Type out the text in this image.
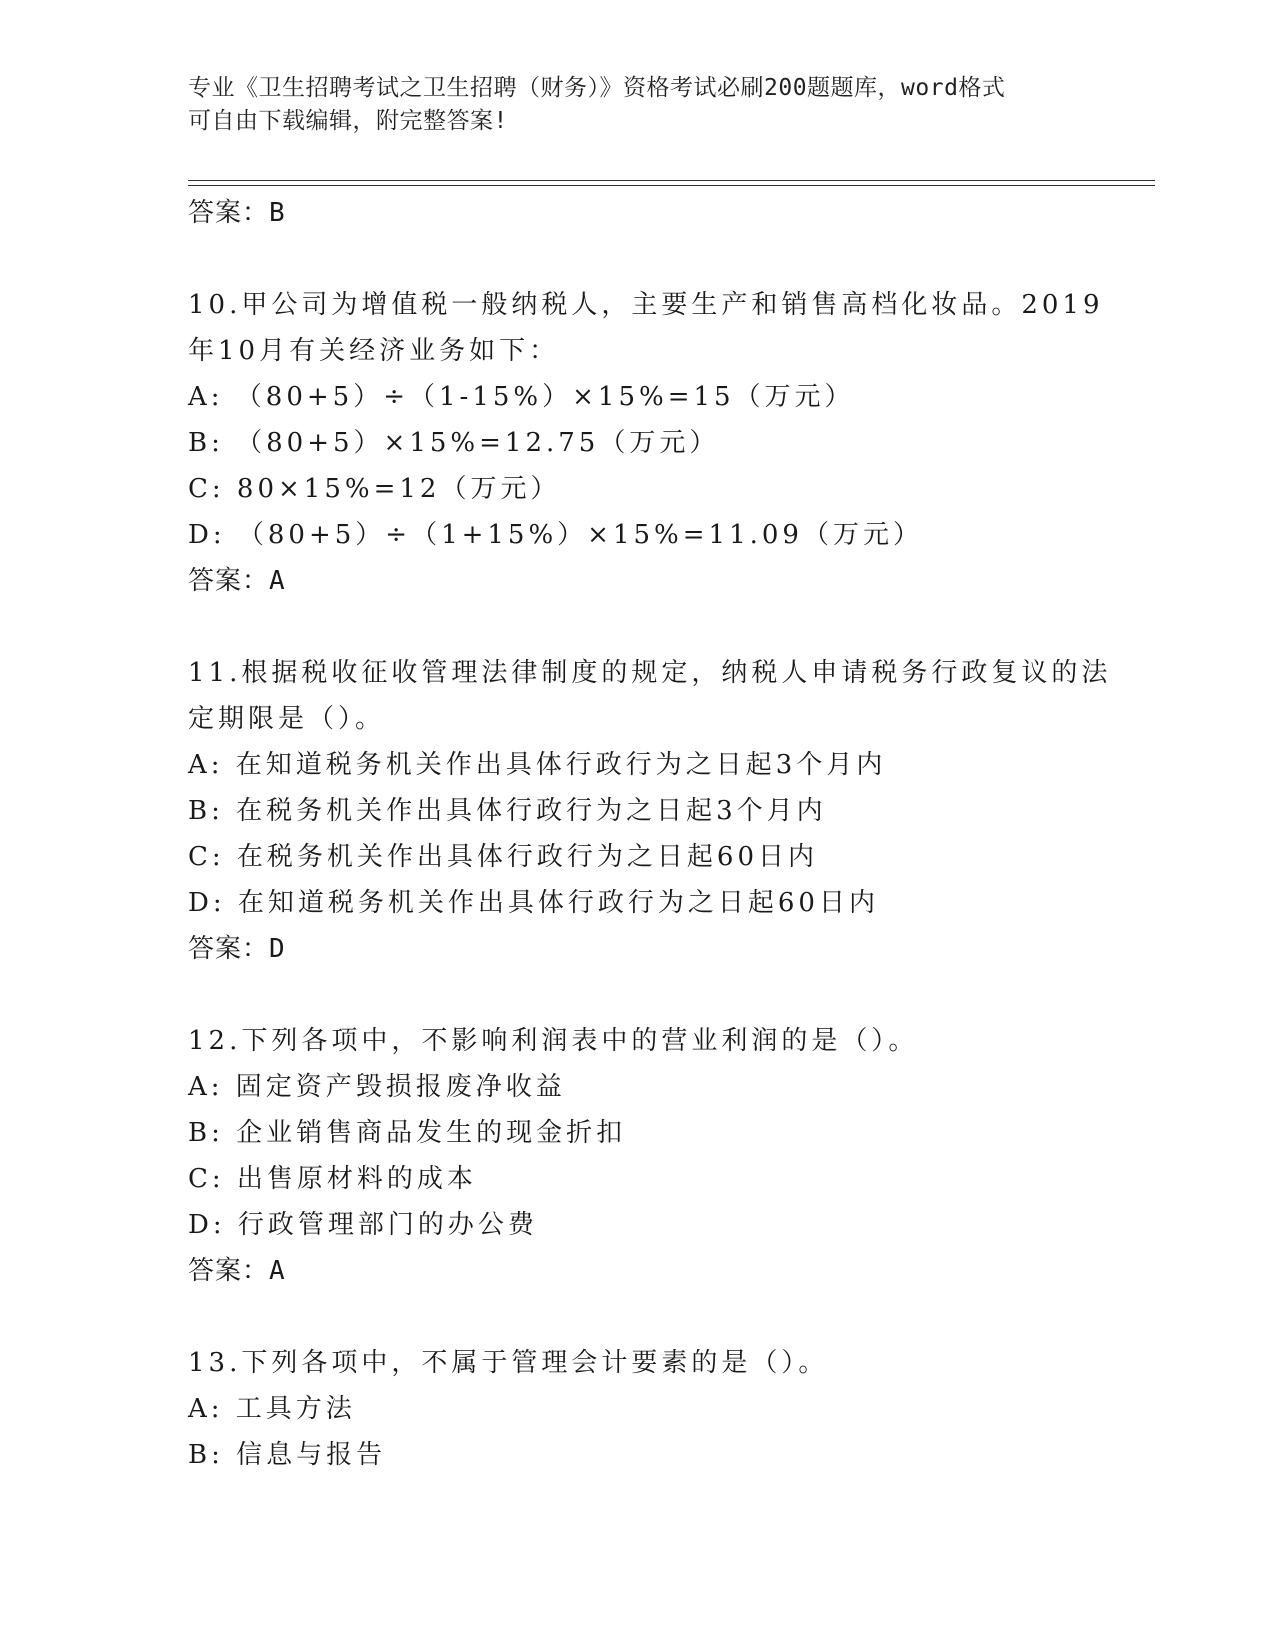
专业《卫生招聘考试之卫生招聘（财务）》资格考试必刷200题题库，word格式
可自由下载编辑，附完整答案!
答案：B
10.甲公司为增值税一般纳税人，主要生产和销售高档化妆品。2019
年10月有关经济业务如下：
A: （80+5）÷（1-15%）×15%=15（万元）
B: （80+5）×15%=12.75（万元）
C: 80×15%=12（万元）
D: （80+5）÷（1+15%）×15%=11.09（万元）
答案：A
11.根据税收征收管理法律制度的规定，纳税人申请税务行政复议的法
定期限是（）。
A: 在知道税务机关作出具体行政行为之日起3个月内
B: 在税务机关作出具体行政行为之日起3个月内
C: 在税务机关作出具体行政行为之日起60日内
D: 在知道税务机关作出具体行政行为之日起60日内
答案：D
12.下列各项中，不影响利润表中的营业利润的是（）。
A: 固定资产毁损报废净收益
B: 企业销售商品发生的现金折扣
C: 出售原材料的成本
D: 行政管理部门的办公费
答案：A
13.下列各项中，不属于管理会计要素的是（）。
A: 工具方法
B: 信息与报告
